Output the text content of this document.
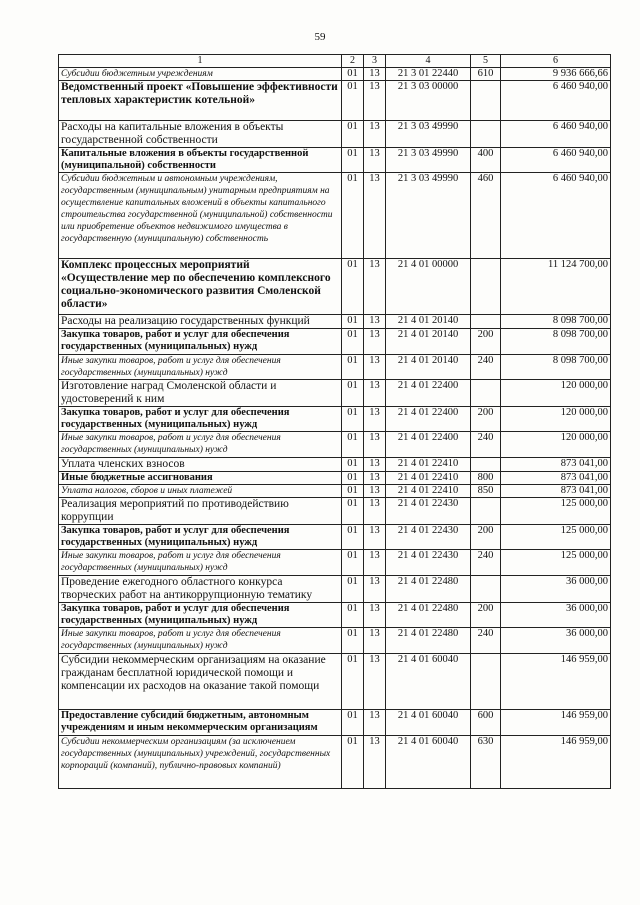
59
1	2	3	4	5	6
Субсидии бюджетным учреждениям	01	13	21 3 01 22440	610	9 936 666,66
Ведомственный проект «Повышение эффективности тепловых характеристик котельной»	01	13	21 3 03 00000		6 460 940,00
Расходы на капитальные вложения в объекты государственной собственности	01	13	21 3 03 49990		6 460 940,00
Капитальные вложения в объекты государственной (муниципальной) собственности	01	13	21 3 03 49990	400	6 460 940,00
Субсидии бюджетным и автономным учреждениям, государственным (муниципальным) унитарным предприятиям на осуществление капитальных вложений в объекты капитального строительства государственной (муниципальной) собственности или приобретение объектов недвижимого имущества в государственную (муниципальную) собственность	01	13	21 3 03 49990	460	6 460 940,00
Комплекс процессных мероприятий «Осуществление мер по обеспечению комплексного социально-экономического развития Смоленской области»	01	13	21 4 01 00000		11 124 700,00
Расходы на реализацию государственных функций	01	13	21 4 01 20140		8 098 700,00
Закупка товаров, работ и услуг для обеспечения государственных (муниципальных) нужд	01	13	21 4 01 20140	200	8 098 700,00
Иные закупки товаров, работ и услуг для обеспечения государственных (муниципальных) нужд	01	13	21 4 01 20140	240	8 098 700,00
Изготовление наград Смоленской области и удостоверений к ним	01	13	21 4 01 22400		120 000,00
Закупка товаров, работ и услуг для обеспечения государственных (муниципальных) нужд	01	13	21 4 01 22400	200	120 000,00
Иные закупки товаров, работ и услуг для обеспечения государственных (муниципальных) нужд	01	13	21 4 01 22400	240	120 000,00
Уплата членских взносов	01	13	21 4 01 22410		873 041,00
Иные бюджетные ассигнования	01	13	21 4 01 22410	800	873 041,00
Уплата налогов, сборов и иных платежей	01	13	21 4 01 22410	850	873 041,00
Реализация мероприятий по противодействию коррупции	01	13	21 4 01 22430		125 000,00
Закупка товаров, работ и услуг для обеспечения государственных (муниципальных) нужд	01	13	21 4 01 22430	200	125 000,00
Иные закупки товаров, работ и услуг для обеспечения государственных (муниципальных) нужд	01	13	21 4 01 22430	240	125 000,00
Проведение ежегодного областного конкурса творческих работ на антикоррупционную тематику	01	13	21 4 01 22480		36 000,00
Закупка товаров, работ и услуг для обеспечения государственных (муниципальных) нужд	01	13	21 4 01 22480	200	36 000,00
Иные закупки товаров, работ и услуг для обеспечения государственных (муниципальных) нужд	01	13	21 4 01 22480	240	36 000,00
Субсидии некоммерческим организациям на оказание гражданам бесплатной юридической помощи и компенсации их расходов на оказание такой помощи	01	13	21 4 01 60040		146 959,00
Предоставление субсидий бюджетным, автономным учреждениям и иным некоммерческим организациям	01	13	21 4 01 60040	600	146 959,00
Субсидии некоммерческим организациям (за исключением государственных (муниципальных) учреждений, государственных корпораций (компаний), публично-правовых компаний)	01	13	21 4 01 60040	630	146 959,00
